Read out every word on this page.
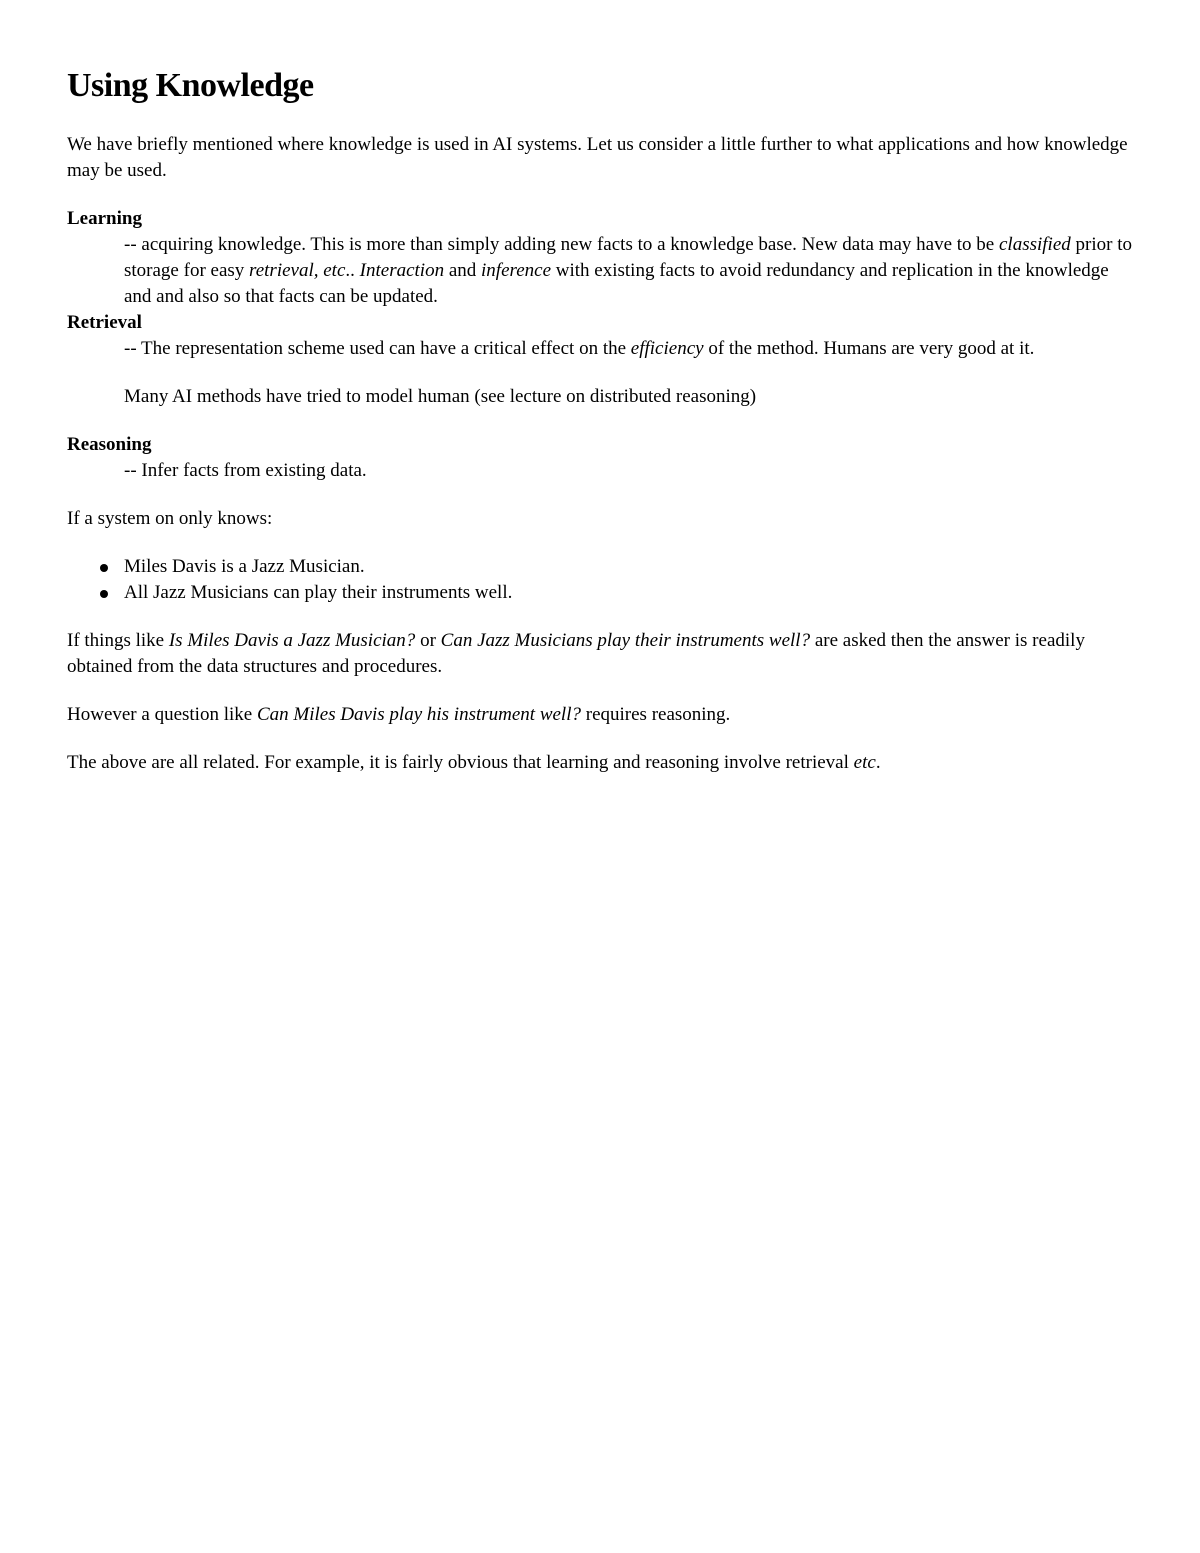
Using Knowledge

We have briefly mentioned where knowledge is used in AI systems. Let us consider a little further to what applications and how knowledge may be used.

Learning
-- acquiring knowledge. This is more than simply adding new facts to a knowledge base. New data may have to be classified prior to storage for easy retrieval, etc.. Interaction and inference with existing facts to avoid redundancy and replication in the knowledge and and also so that facts can be updated.
Retrieval

-- The representation scheme used can have a critical effect on the efficiency of the method. Humans are very good at it.

Many AI methods have tried to model human (see lecture on distributed reasoning)

Reasoning
-- Infer facts from existing data.

If a system on only knows:

Miles Davis is a Jazz Musician.
All Jazz Musicians can play their instruments well.

If things like Is Miles Davis a Jazz Musician? or Can Jazz Musicians play their instruments well? are asked then the answer is readily obtained from the data structures and procedures.

However a question like Can Miles Davis play his instrument well? requires reasoning.

The above are all related. For example, it is fairly obvious that learning and reasoning involve retrieval etc.
